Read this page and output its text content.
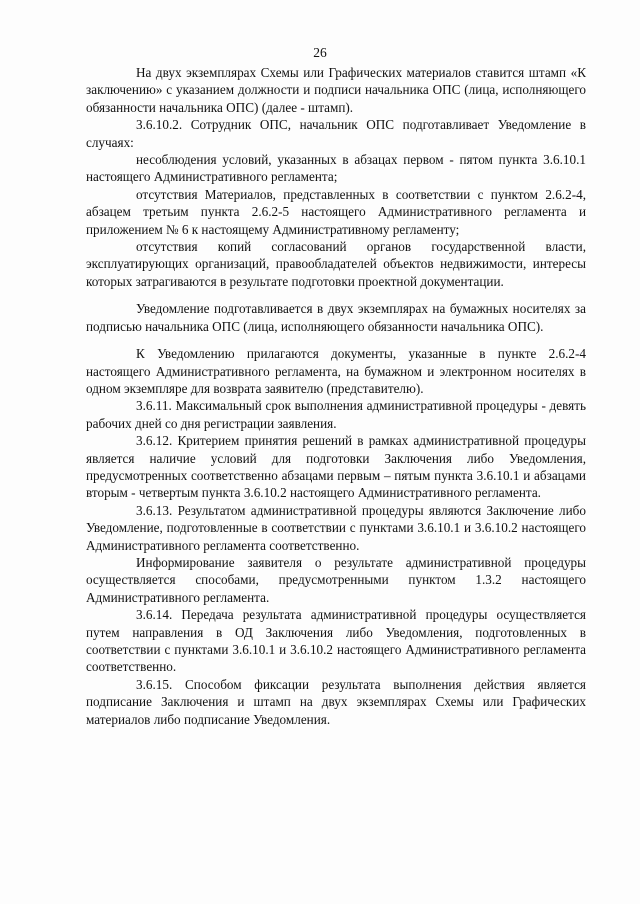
26

На двух экземплярах Схемы или Графических материалов ставится штамп «К заключению» с указанием должности и подписи начальника ОПС (лица, исполняющего обязанности начальника ОПС) (далее - штамп).

3.6.10.2. Сотрудник ОПС, начальник ОПС подготавливает Уведомление в случаях:

несоблюдения условий, указанных в абзацах первом - пятом пункта 3.6.10.1 настоящего Административного регламента;

отсутствия Материалов, представленных в соответствии с пунктом 2.6.2-4, абзацем третьим пункта 2.6.2-5 настоящего Административного регламента и приложением № 6 к настоящему Административному регламенту;

отсутствия копий согласований органов государственной власти, эксплуатирующих организаций, правообладателей объектов недвижимости, интересы которых затрагиваются в результате подготовки проектной документации.

Уведомление подготавливается в двух экземплярах на бумажных носителях за подписью начальника ОПС (лица, исполняющего обязанности начальника ОПС).

К Уведомлению прилагаются документы, указанные в пункте 2.6.2-4 настоящего Административного регламента, на бумажном и электронном носителях в одном экземпляре для возврата заявителю (представителю).

3.6.11. Максимальный срок выполнения административной процедуры - девять рабочих дней со дня регистрации заявления.

3.6.12. Критерием принятия решений в рамках административной процедуры является наличие условий для подготовки Заключения либо Уведомления, предусмотренных соответственно абзацами первым – пятым пункта 3.6.10.1 и абзацами вторым - четвертым пункта 3.6.10.2 настоящего Административного регламента.

3.6.13. Результатом административной процедуры являются Заключение либо Уведомление, подготовленные в соответствии с пунктами 3.6.10.1 и 3.6.10.2 настоящего Административного регламента соответственно.

Информирование заявителя о результате административной процедуры осуществляется способами, предусмотренными пунктом 1.3.2 настоящего Административного регламента.

3.6.14. Передача результата административной процедуры осуществляется путем направления в ОД Заключения либо Уведомления, подготовленных в соответствии с пунктами 3.6.10.1 и 3.6.10.2 настоящего Административного регламента соответственно.

3.6.15. Способом фиксации результата выполнения действия является подписание Заключения и штамп на двух экземплярах Схемы или Графических материалов либо подписание Уведомления.
